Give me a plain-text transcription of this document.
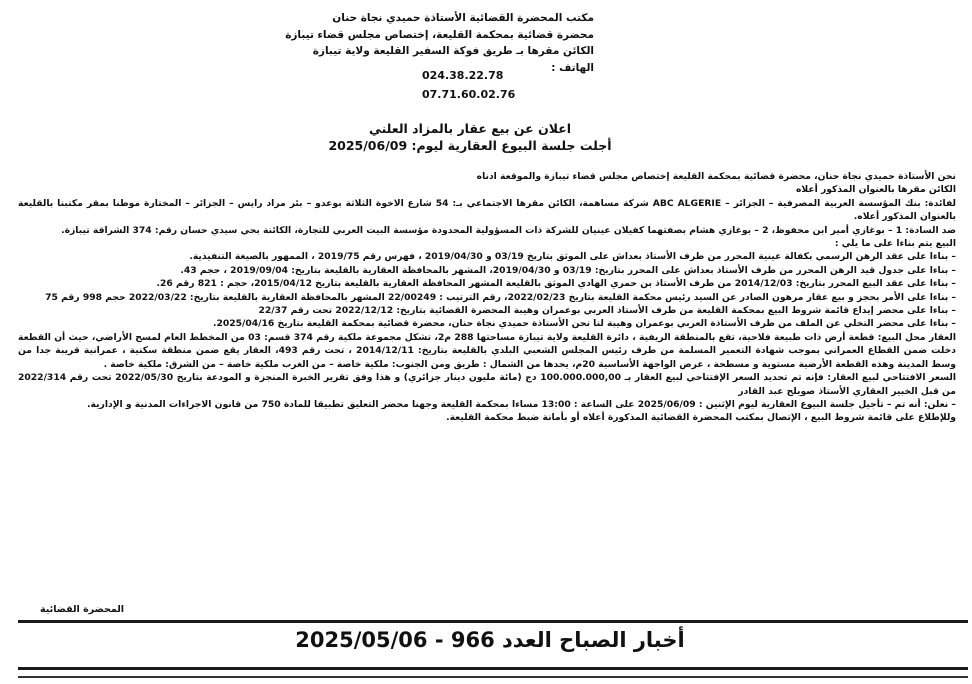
مكتب المحضرة القضائية الأستاذة حميدي نجاة حنان
محضرة قضائية بمحكمة القليعة، إختصاص مجلس قضاء تيبازة
الكائن مقرها بـ طريق فوكة السفير القليعة ولاية تيبازة
الهاتف :
024.38.22.78
07.71.60.02.76
اعلان عن بيع عقار بالمزاد العلني
أجلت جلسة البيوع العقارية ليوم: 2025/06/09

نحن الأستاذة حميدي نجاة حنان، محضرة قضائية بمحكمة القليعة إختصاص مجلس قضاء تيبازة والموقعة ادناه

الكائن مقرها بالعنوان المذكور أعلاه

لفائدة: بنك المؤسسة العربية المصرفية – الجزائر – ABC ALGERIE شركة مساهمة، الكائن مقرها الاجتماعي بـ: 54 شارع الاخوة الثلاثة بوعدو – بئر مراد رايس – الجزائر – المختارة موطنا بمقر مكتبنا بالقليعة بالعنوان المذكور أعلاه.

ضد السادة: 1 – بوغازي أمير ابن محفوظ، 2 – بوغازي هشام بصفتهما كفيلان عينيان للشركة ذات المسؤولية المحدودة مؤسسة البيت العربي للتجارة، الكائنة بحي سيدي حسان رقم: 374 الشراقة تيبازة.

البيع يتم بناءا على ما يلي :

– بناءا على عقد الرهن الرسمي بكفالة عينية المحرر من طرف الأستاذ بعداش على الموثق بتاريخ 03/19 و 2019/04/30 ، فهرس رقم 2019/75 ، الممهور بالصيغة التنفيذية.

– بناءا على جدول قيد الرهن المحرر من طرف الأستاذ بعداش على المحرر بتاريخ: 03/19 و 2019/04/30، المشهر بالمحافظة العقارية بالقليعة بتاريخ: 2019/09/04 ، حجم 43.

– بناءا على عقد البيع المحرر بتاريخ: 2014/12/03 من طرف الأستاذ بن حمري الهادي الموثق بالقليعة المشهر المحافظة العقارية بالقليعة بتاريخ 2015/04/12، حجم : 821 رقم 26.

– بناءا على الأمر بحجز و بيع عقار مرهون الصادر عن السيد رئيس محكمة القليعة بتاريخ 2022/02/23، رقم الترتيب : 22/00249 المشهر بالمحافظة العقارية بالقليعة بتاريخ: 2022/03/22 حجم 998 رقم 75

– بناءا على محضر إيداع قائمة شروط البيع بمحكمة القليعة من طرف الأستاذ العربي بوعمران وهيبة المحضرة القضائية بتاريخ: 2022/12/12 تحت رقم 22/37

– بناءا على محضر التخلي عن الملف من طرف الأستاذة العربي بوعمران وهيبة لنا نحن الأستاذة حميدي نجاة حنان، محضرة قضائية بمحكمة القليعة بتاريخ 2025/04/16.

العقار محل البيع: قطعة أرض ذات طبيعة فلاحية، تقع بالمنطقة الريفية ، دائرة القليعة ولاية تيبازة مساحتها 288 م2، تشكل مجموعة ملكية رقم 374 قسم: 03 من المخطط العام لمسح الأراضي، حيث أن القطعة دخلت ضمن القطاع العمراني بموجب شهادة التعمير المسلمة من طرف رئيس المجلس الشعبي البلدي بالقليعة بتاريخ: 2014/12/11 ، تحت رقم 493، العقار يقع ضمن منطقة سكنية ، عمرانية قريبة جدا من وسط المدينة وهذه القطعة الأرضية مستوية و مسطحة ، عرض الواجهة الأساسية 20م، يحدها من الشمال : طريق ومن الجنوب: ملكية خاصة – من الغرب ملكية خاصة – من الشرق: ملكية خاصة .

السعر الافتتاحي لبيع العقار: فإنه تم تحديد السعر الإفتتاحي لبيع العقار بـ 100.000.000,00 دج (مائة مليون دينار جزائري) و هذا وفق تقرير الخبرة المنجزة و المودعة بتاريخ 2022/05/30 تحت رقم 2022/314 من قبل الخبير العقاري الأستاذ صويلح عبد القادر

– نعلن: أنه تم – تأجيل جلسة البيوع العقارية ليوم الإثنين : 2025/06/09 على الساعة : 13:00 مساءا بمحكمة القليعة وجهنا محضر التعليق تطبيقا للمادة 750 من قانون الاجراءات المدنية و الإدارية.

وللإطلاع على قائمة شروط البيع ، الإتصال بمكتب المحضرة القضائية المذكورة أعلاه أو بأمانة ضبط محكمة القليعة.

المحضرة القضائية
أخبار الصباح العدد 966 - 2025/05/06
